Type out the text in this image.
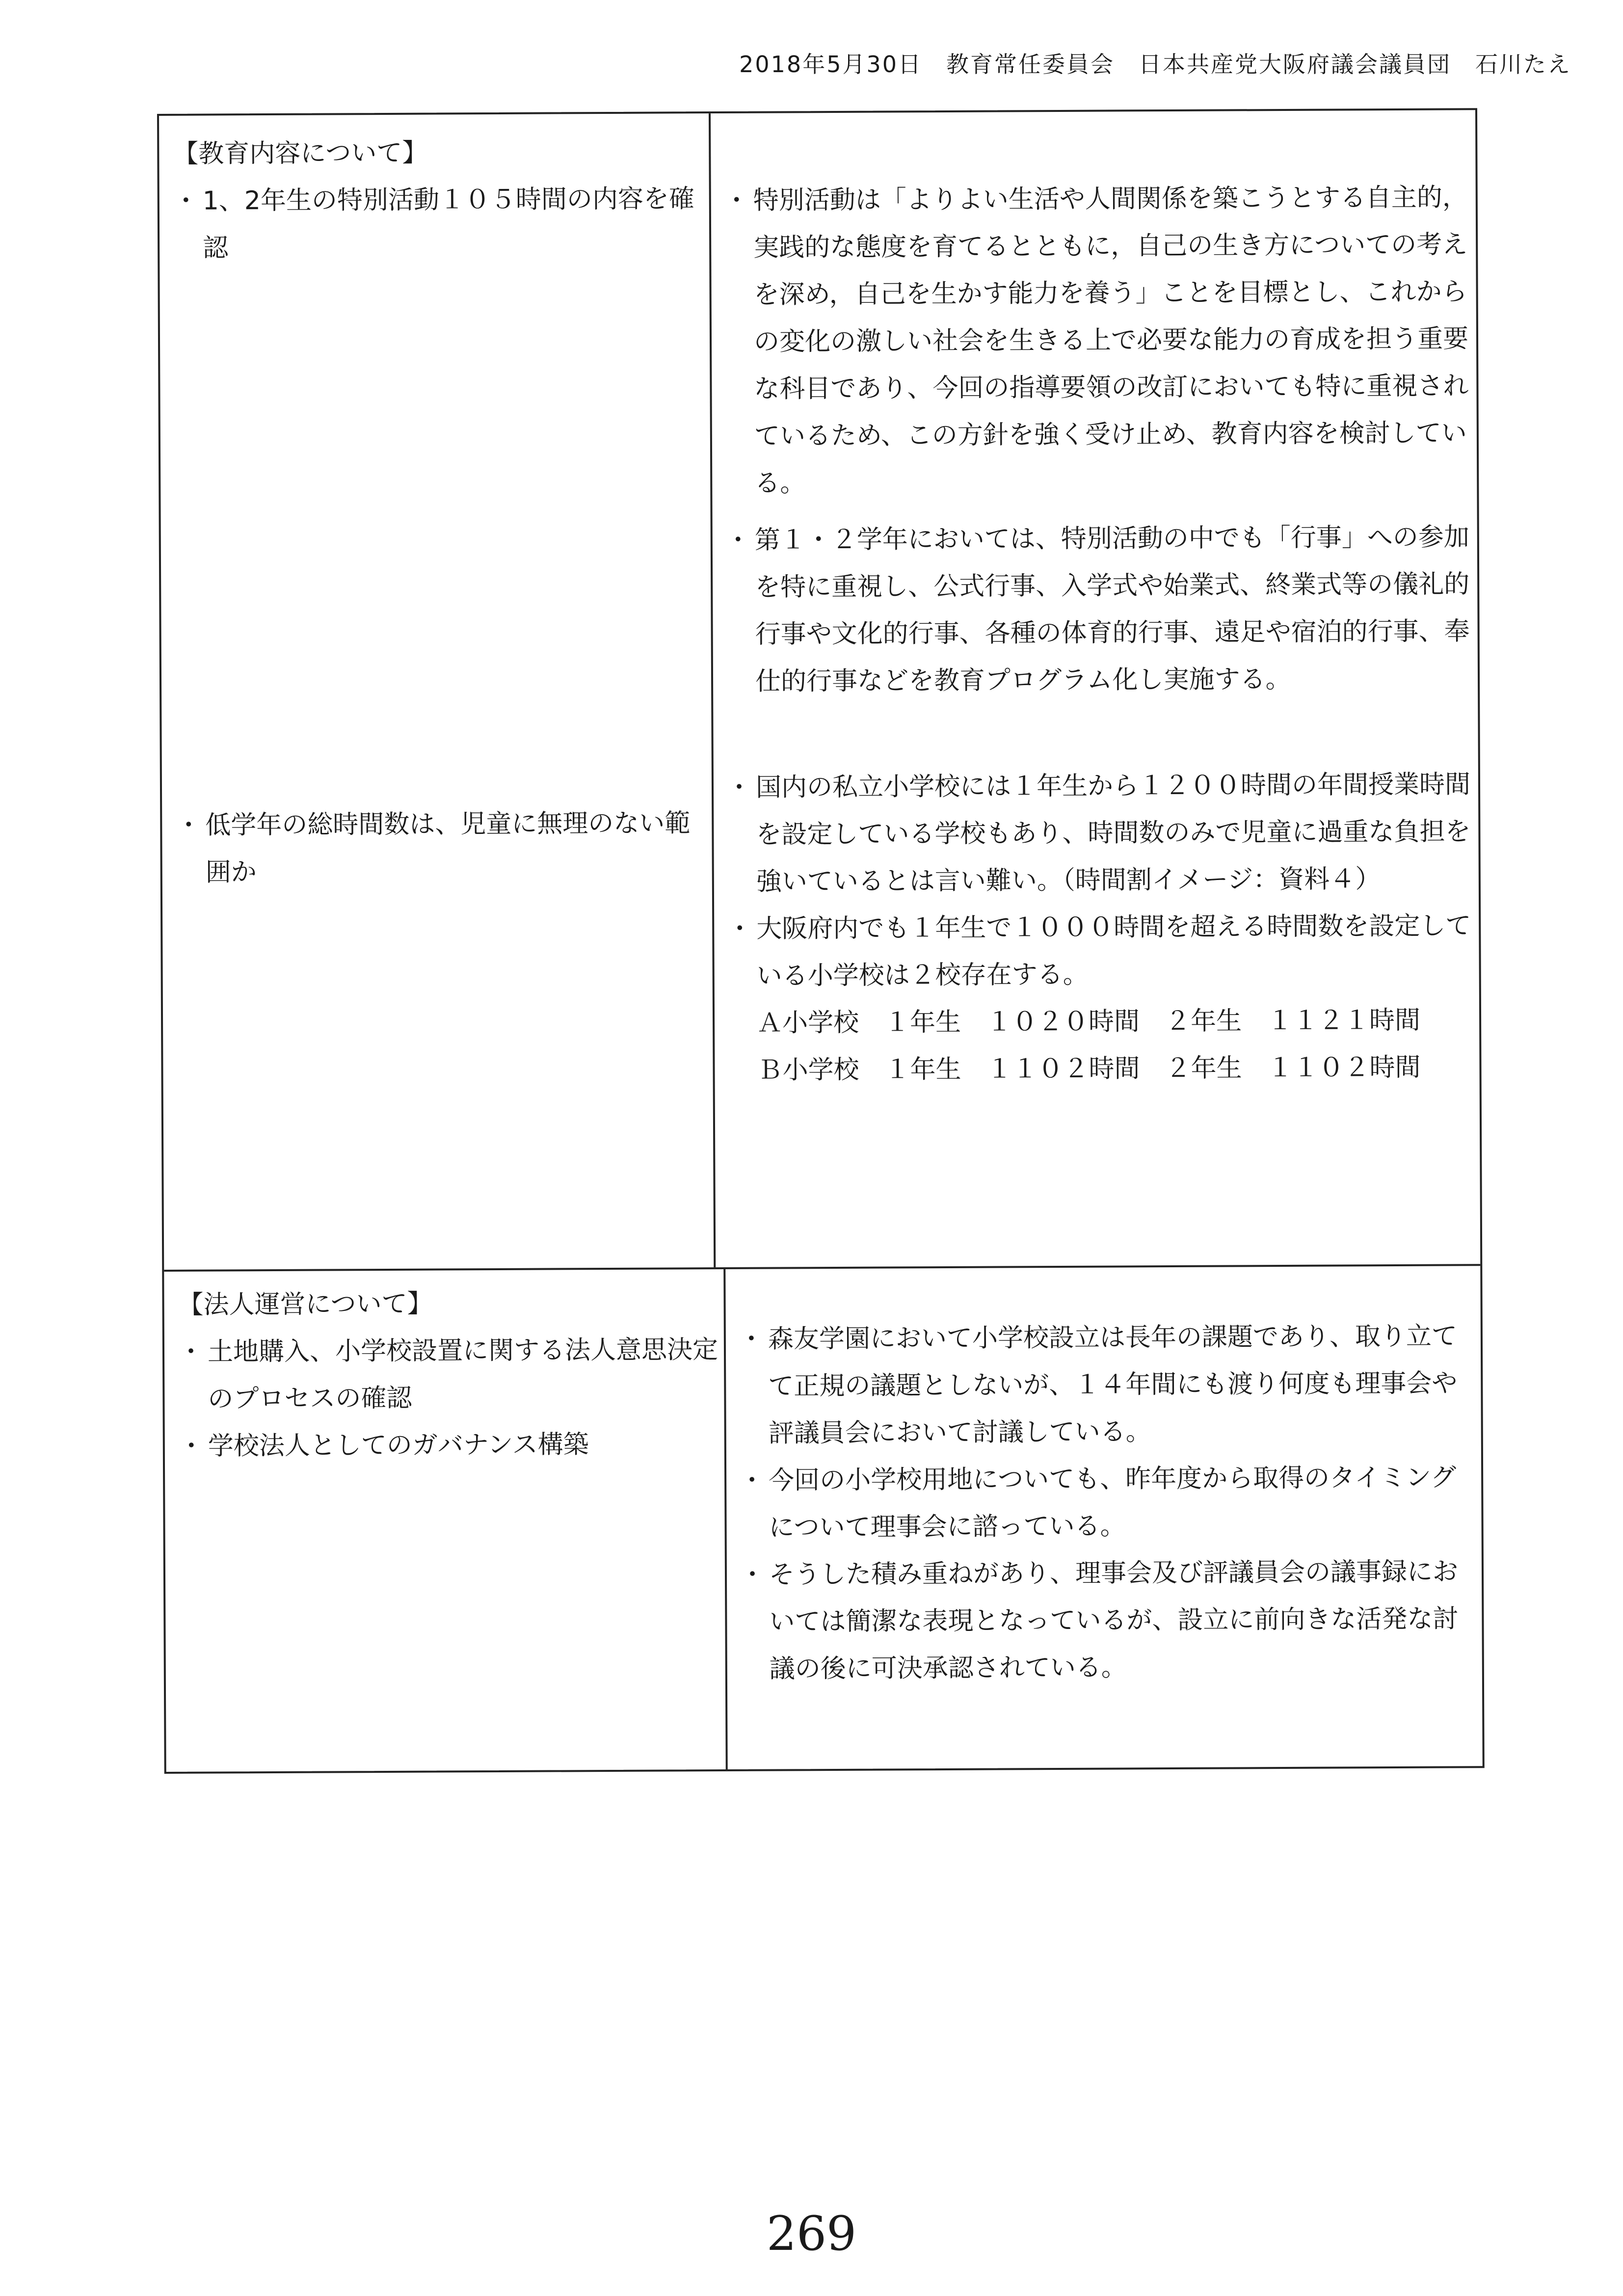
2018年5月30日　教育常任委員会　日本共産党大阪府議会議員団　石川たえ
【教育内容について】
・ 1、2年生の特別活動１０５時間の内容を確認
・ 低学年の総時間数は、児童に無理のない範囲か
・ 特別活動は「よりよい生活や人間関係を築こうとする自主的，実践的な態度を育てるとともに，自己の生き方についての考えを深め，自己を生かす能力を養う」ことを目標とし、これからの変化の激しい社会を生きる上で必要な能力の育成を担う重要な科目であり、今回の指導要領の改訂においても特に重視されているため、この方針を強く受け止め、教育内容を検討している。
・ 第１・２学年においては、特別活動の中でも「行事」への参加を特に重視し、公式行事、入学式や始業式、終業式等の儀礼的行事や文化的行事、各種の体育的行事、遠足や宿泊的行事、奉仕的行事などを教育プログラム化し実施する。
・ 国内の私立小学校には１年生から１２００時間の年間授業時間を設定している学校もあり、時間数のみで児童に過重な負担を強いているとは言い難い。（時間割イメージ：資料４）
・ 大阪府内でも１年生で１０００時間を超える時間数を設定している小学校は２校存在する。
Ａ小学校　１年生　１０２０時間　２年生　１１２１時間
Ｂ小学校　１年生　１１０２時間　２年生　１１０２時間
【法人運営について】
・ 土地購入、小学校設置に関する法人意思決定のプロセスの確認
・ 学校法人としてのガバナンス構築
・ 森友学園において小学校設立は長年の課題であり、取り立てて正規の議題としないが、１４年間にも渡り何度も理事会や評議員会において討議している。
・ 今回の小学校用地についても、昨年度から取得のタイミングについて理事会に諮っている。
・ そうした積み重ねがあり、理事会及び評議員会の議事録においては簡潔な表現となっているが、設立に前向きな活発な討議の後に可決承認されている。
269
